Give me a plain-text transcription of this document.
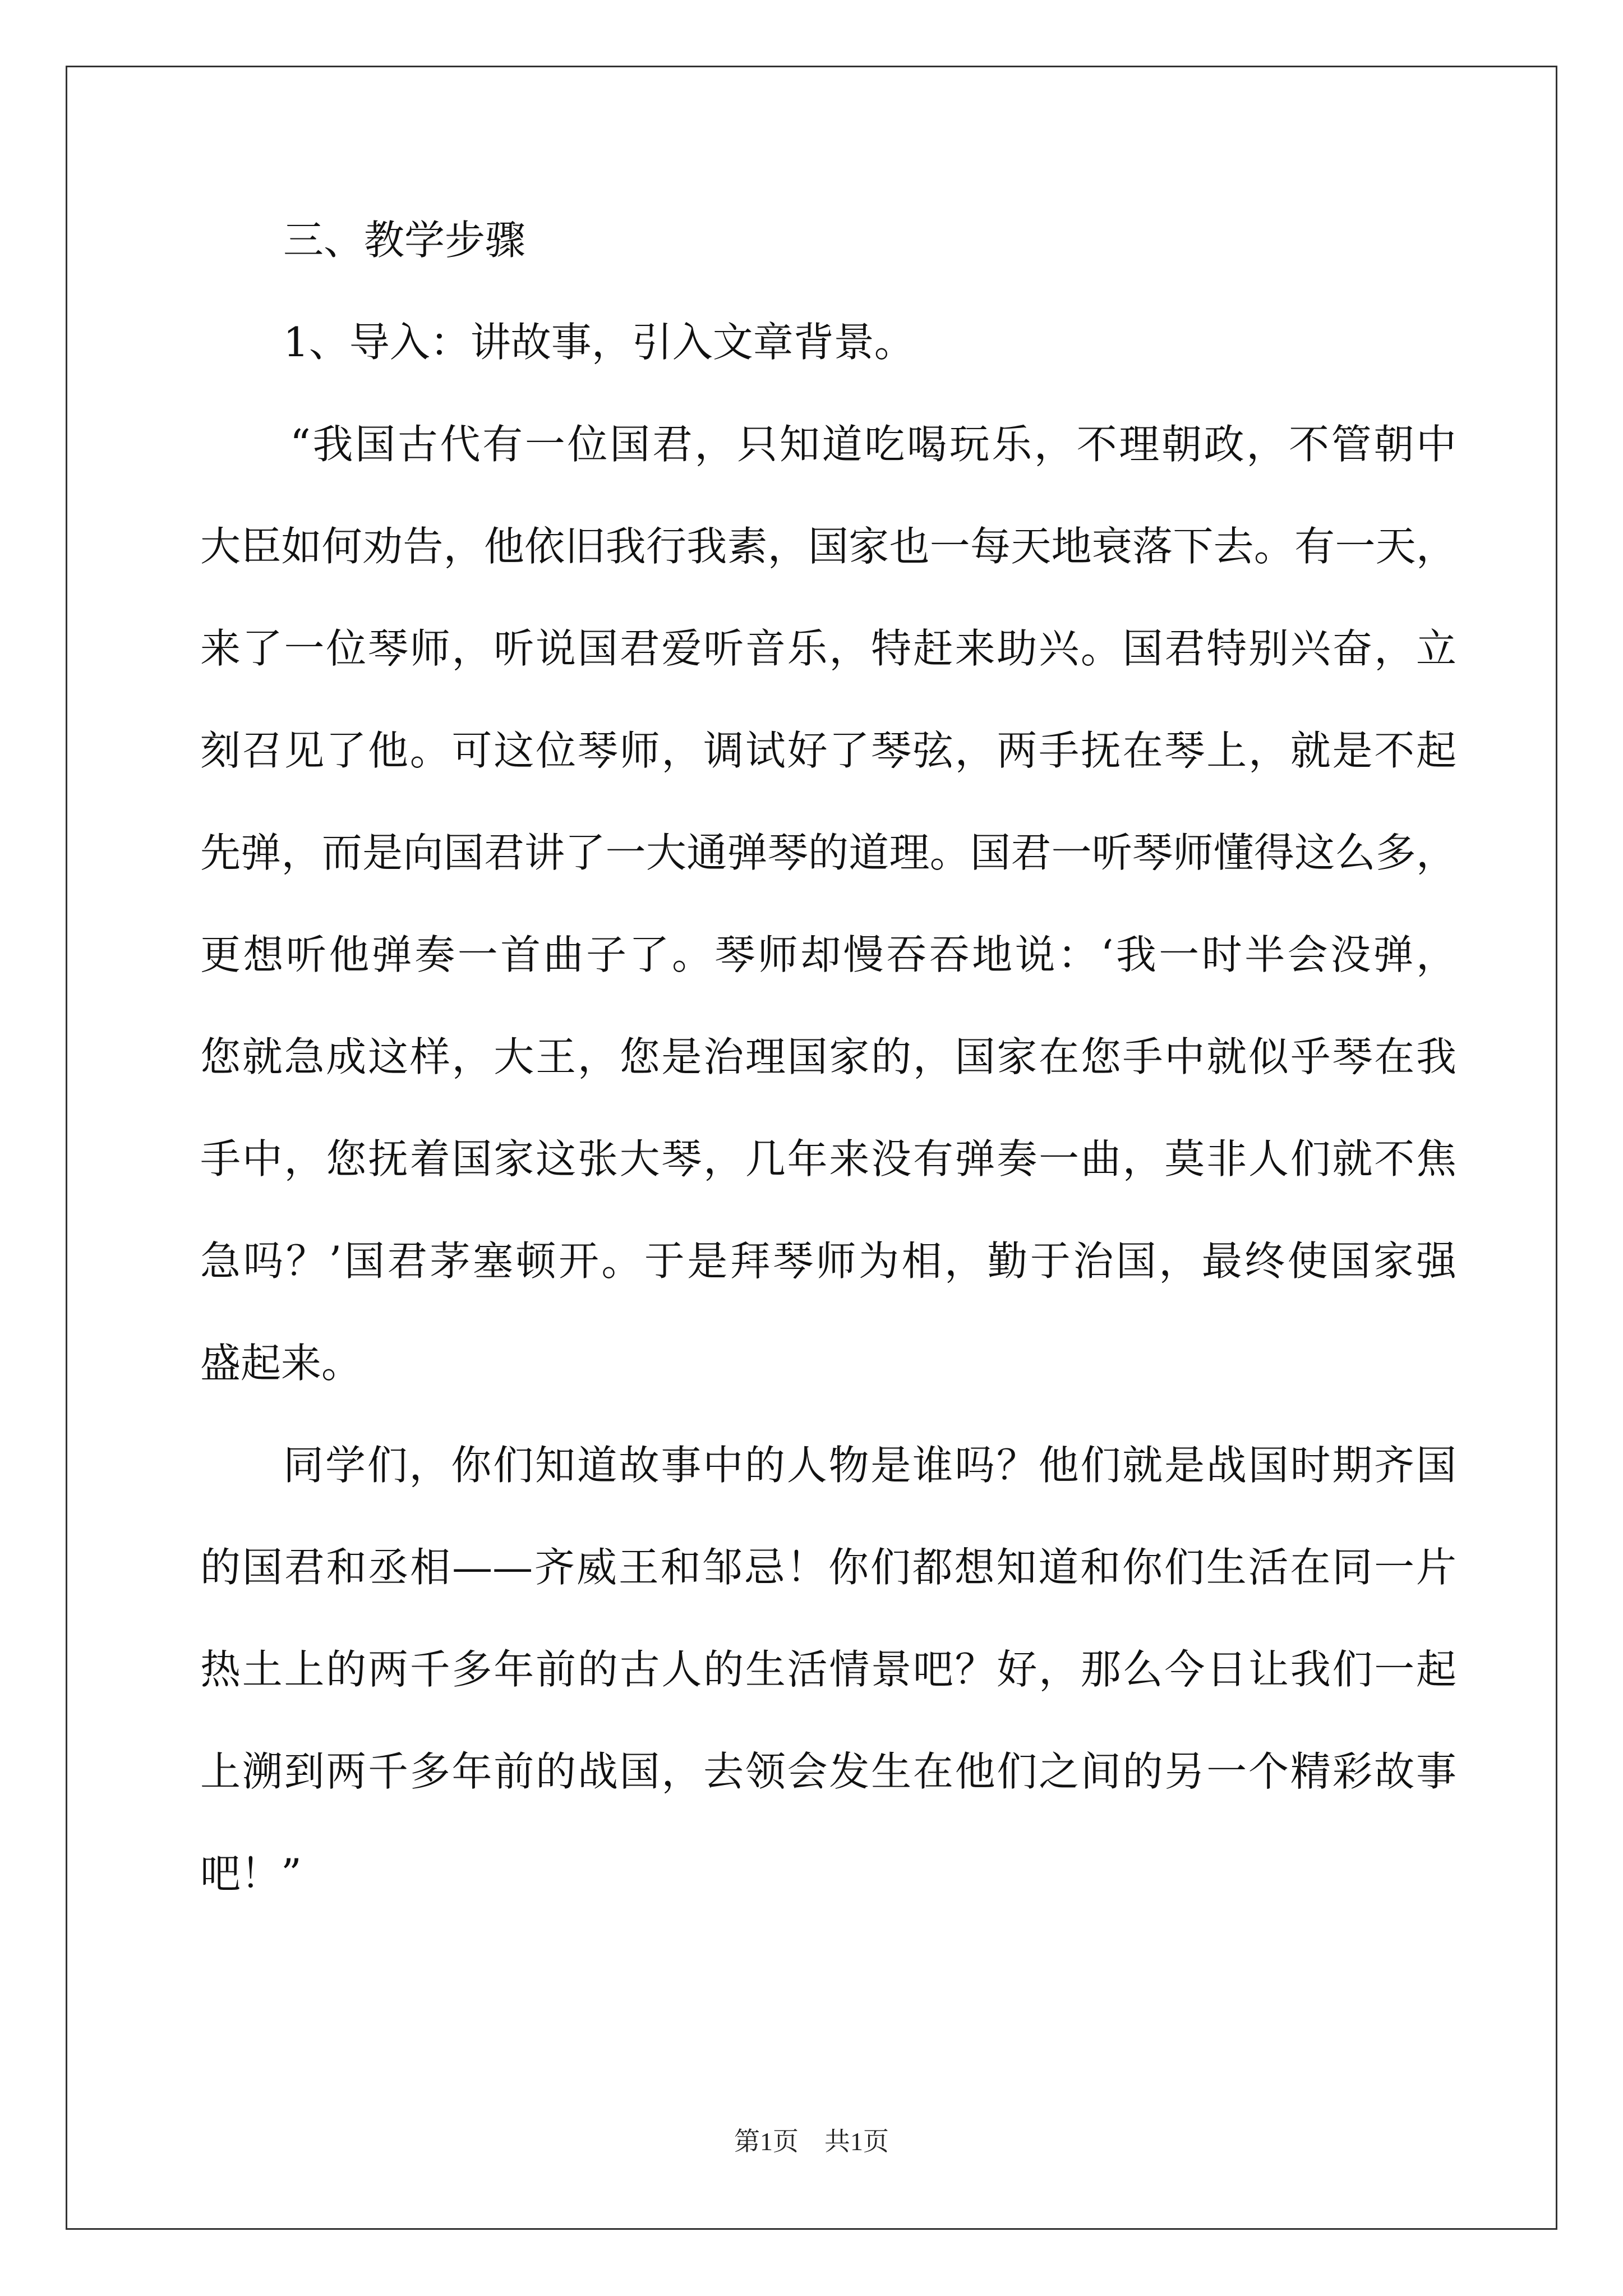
三、教学步骤
1、导入：讲故事，引入文章背景。
“我国古代有一位国君，只知道吃喝玩乐，不理朝政，不管朝中
大臣如何劝告，他依旧我行我素，国家也一每天地衰落下去。有一天，
来了一位琴师，听说国君爱听音乐，特赶来助兴。国君特别兴奋，立
刻召见了他。可这位琴师，调试好了琴弦，两手抚在琴上，就是不起
先弹，而是向国君讲了一大通弹琴的道理。国君一听琴师懂得这么多，
更想听他弹奏一首曲子了。琴师却慢吞吞地说：‘我一时半会没弹，
您就急成这样，大王，您是治理国家的，国家在您手中就似乎琴在我
手中，您抚着国家这张大琴，几年来没有弹奏一曲，莫非人们就不焦
急吗？’国君茅塞顿开。于是拜琴师为相，勤于治国，最终使国家强
盛起来。
同学们，你们知道故事中的人物是谁吗？他们就是战国时期齐国
的国君和丞相——齐威王和邹忌！你们都想知道和你们生活在同一片
热土上的两千多年前的古人的生活情景吧？好，那么今日让我们一起
上溯到两千多年前的战国，去领会发生在他们之间的另一个精彩故事
吧！”
第1页　共1页
